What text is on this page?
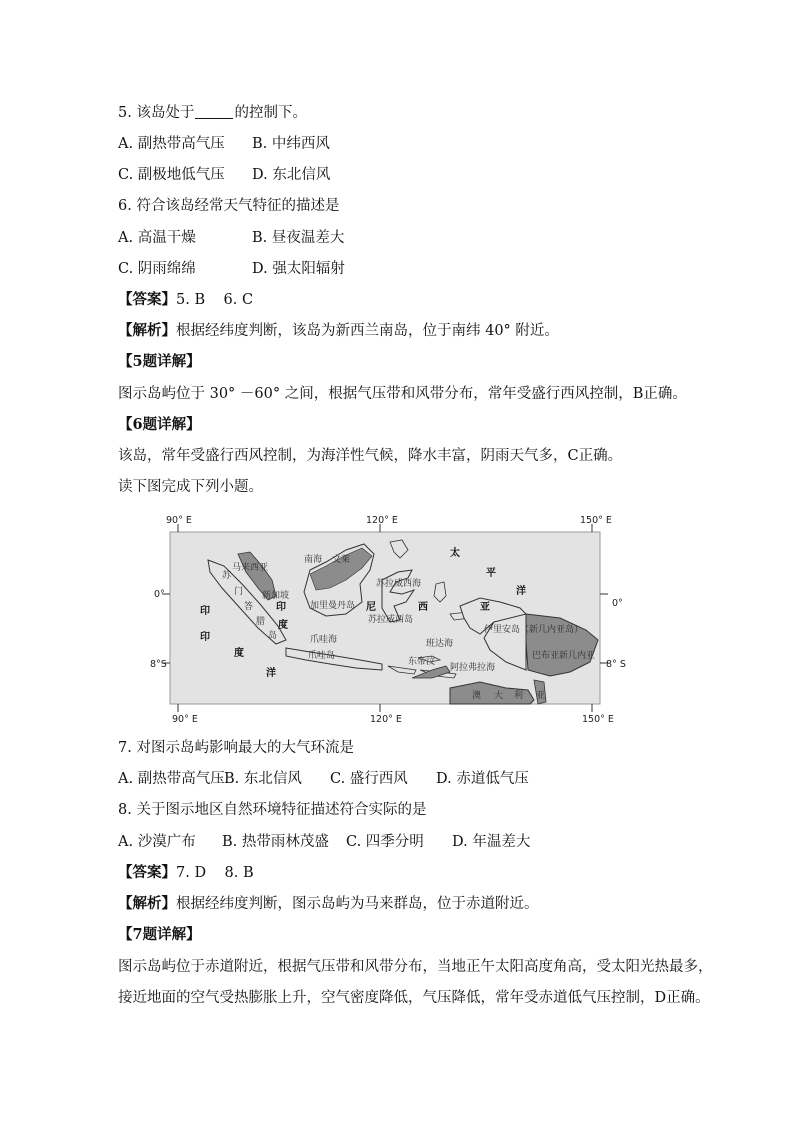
5. 该岛处于	的控制下。
A. 副热带高气压 B. 中纬西风
C. 副极地低气压 D. 东北信风
6. 符合该岛经常天气特征的描述是
A. 高温干燥	B. 昼夜温差大
C. 阴雨绵绵	D. 强太阳辐射
【答案】5. B    6. C
【解析】根据经纬度判断，该岛为新西兰南岛，位于南纬 40° 附近。
【5题详解】
图示岛屿位于 30° －60° 之间，根据气压带和风带分布，常年受盛行西风控制，B正确。
【6题详解】
该岛，常年受盛行西风控制，为海洋性气候，降水丰富，阴雨天气多，C正确。
读下图完成下列小题。
90° E	120° E	150° E
90° E	120° E	150° E
0°
8°S
0°
8° S
马来西亚
南海 文莱
新加坡
苏拉威西海
加里曼丹岛
苏拉威西岛
爪哇海
爪哇岛
班达海
东帝汶
阿拉弗拉海
伊里安岛（新几内亚岛）
巴布亚新几内亚
苏
门
答
腊
岛
印
度
尼	西	亚
太
平
洋
印
度
洋
印
澳 大 利 亚
7. 对图示岛屿影响最大的大气环流是
A. 副热带高气压B. 东北信风 C. 盛行西风 D. 赤道低气压
8. 关于图示地区自然环境特征描述符合实际的是
A. 沙漠广布 B. 热带雨林茂盛 C. 四季分明 D. 年温差大
【答案】7. D    8. B
【解析】根据经纬度判断，图示岛屿为马来群岛，位于赤道附近。
【7题详解】
图示岛屿位于赤道附近，根据气压带和风带分布，当地正午太阳高度角高，受太阳光热最多，
接近地面的空气受热膨胀上升，空气密度降低，气压降低，常年受赤道低气压控制，D正确。
